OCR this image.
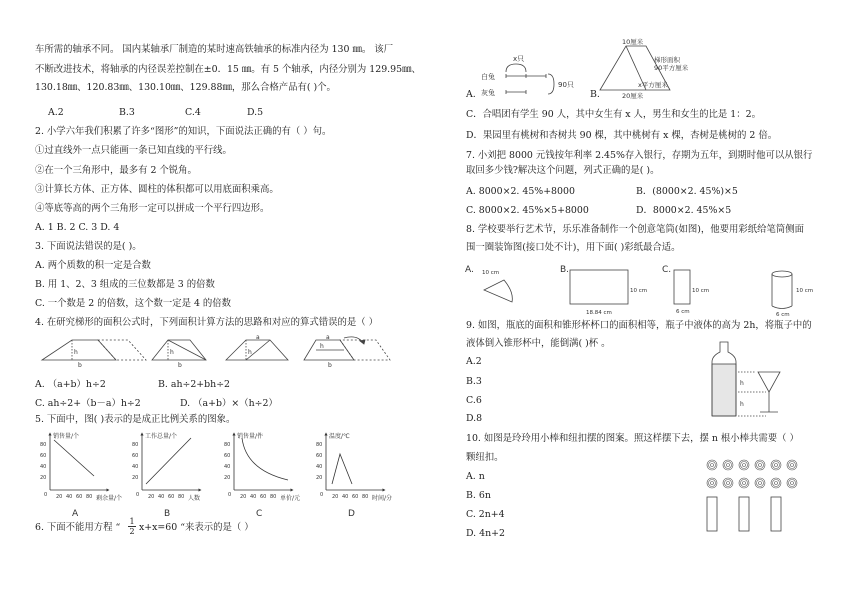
车所需的轴承不同。 国内某轴承厂制造的某时速高铁轴承的标准内径为 130 ㎜。 该厂
不断改进技术，将轴承的内径误差控制在±0．15 ㎜。有 5 个轴承，内径分别为 129.95㎜、
130.18㎜、120.83㎜、130.10㎜、129.88㎜，那么合格产品有( )个。
A.2	B.3	C.4	D.5
2. 小学六年我们积累了许多“图形”的知识，下面说法正确的有（ ）句。
①过直线外一点只能画一条已知直线的平行线。
②在一个三角形中，最多有 2 个锐角。
③计算长方体、正方体、圆柱的体积都可以用底面积乘高。
④等底等高的两个三角形一定可以拼成一个平行四边形。
A. 1 B. 2 C. 3 D. 4
3. 下面说法错误的是( )。
A. 两个质数的积一定是合数
B. 用 1、2、3 组成的三位数都是 3 的倍数
C. 一个数是 2 的倍数，这个数一定是 4 的倍数
4. 在研究梯形的面积公式时，下列面积计算方法的思路和对应的算式错误的是（ ）
h
b
h
b
a
h
a
b
h
A. （a+b）h÷2	B. ah÷2+bh÷2
C. ah÷2+（b－a）h÷2	D. （a+b）×（h÷2）
5. 下面中，图( )表示的是成正比例关系的图象。
销售量/个
剩余量/个
80
60
40
20
20 40 60 80
0
A
工作总量/个
人数
80
60
40
20
20 40 60 80
0
B
销售量/件
单价/元
80
60
40
20
20 40 60 80
0
C
温度/℃
时间/分
80
60
40
20
20 40 60 80
0
D
6. 下面不能用方程 “ $\frac{1}{2} x+x=60$ “来表示的是（ ）
A.
白兔
灰兔
x只
90只
B.
10厘米
梯形面积
90平方厘米
x平方厘米
20厘米
C．合唱团有学生 90 人，其中女生有 x 人，男生和女生的比是 1：2。
D．果园里有桃树和杏树共 90 棵，其中桃树有 x 棵，杏树是桃树的 2 倍。
7. 小刘把 8000 元钱按年利率 2.45%存入银行，存期为五年，到期时他可以从银行
取回多少钱?解决这个问题，列式正确的是( )。
A. 8000×2. 45%+8000	B．(8000×2. 45%)×5
C. 8000×2. 45%×5+8000	D．8000×2. 45%×5
8. 学校要举行艺术节，乐乐准备制作一个创意笔筒(如图)，他要用彩纸给笔筒侧面
围一圈装饰图(接口处不计)，用下面( )彩纸最合适。
A.	B.	C.
10 cm
18.84 cm
10 cm
6 cm
10 cm	10 cm
6 cm
9. 如图，瓶底的面积和锥形杯杯口的面积相等，瓶子中液体的高为 2h，将瓶子中的
液体倒入锥形杯中，能倒满( )杯 。
A.2
B.3
C.6
D.8
h
h
10. 如图是玲玲用小棒和纽扣摆的图案。照这样摆下去，摆 n 根小棒共需要（ ）
颗纽扣。
A. n
B. 6n
C. 2n+4
D. 4n+2
